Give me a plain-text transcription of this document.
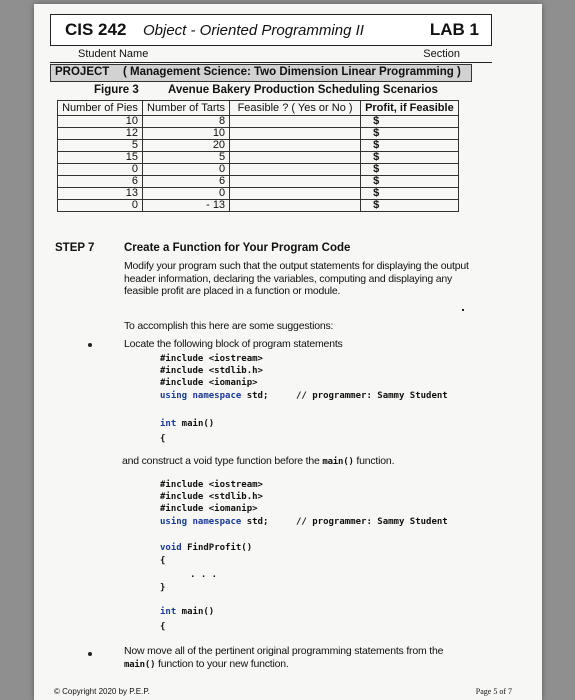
CIS 242 Object - Oriented Programming II	LAB 1
Student Name	Section
PROJECT ( Management Science: Two Dimension Linear Programming )
Figure 3	Avenue Bakery Production Scheduling Scenarios
Number of Pies	Number of Tarts	Feasible ? ( Yes or No )	Profit, if Feasible
10	8		$
12	10		$
5	20		$
15	5		$
0	0		$
6	6		$
13	0		$
0	- 13		$
STEP 7	Create a Function for Your Program Code
Modify your program such that the output statements for displaying the output header information, declaring the variables, computing and displaying any feasible profit are placed in a function or module.
To accomplish this here are some suggestions:
Locate the following block of program statements
#include <iostream>
#include <stdlib.h>
#include <iomanip>
using namespace std;	// programmer: Sammy Student
int main()
{
and construct a void type function before the main() function.
#include <iostream>
#include <stdlib.h>
#include <iomanip>
using namespace std;	// programmer: Sammy Student
void FindProfit()
{
. . .
}
int main()
{
Now move all of the pertinent original programming statements from the main() function to your new function.
© Copyright 2020 by P.E.P.	Page 5 of 7
